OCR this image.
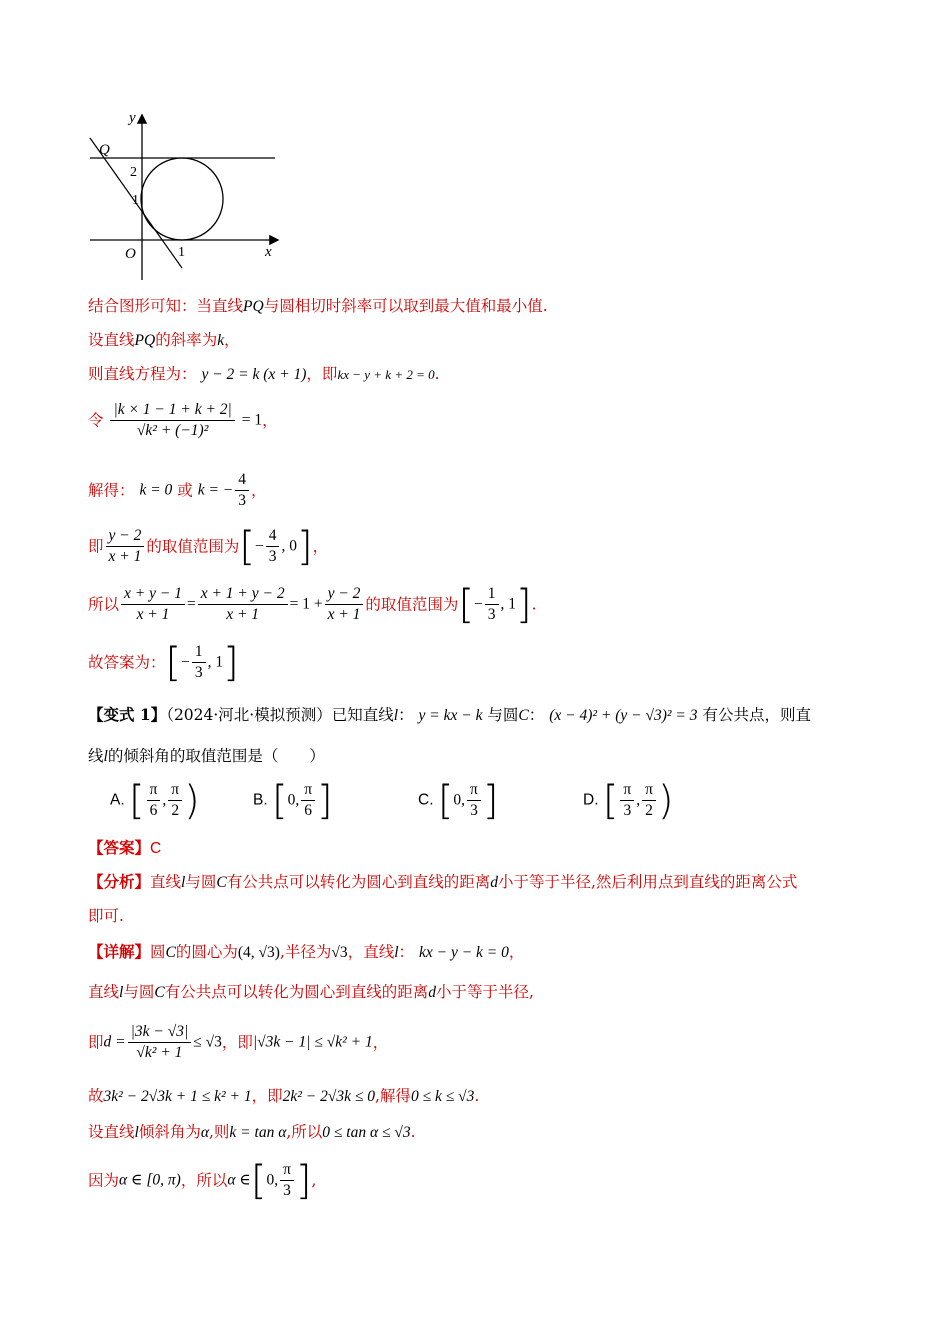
y
x
O
Q
2
1
1
结合图形可知：当直线PQ与圆相切时斜率可以取到最大值和最小值.
设直线PQ的斜率为k，
则直线方程为： y − 2 = k (x + 1)，即kx − y + k + 2 = 0.
令 $\frac{|k \times 1 - 1 + k + 2|}{\text{√k² + (−1)²}} = 1$，
解得： k = 0 或 k = − $\frac{4}{3}$ ，
即 $\frac{y - 2}{x + 1}$ 的取值范围为[− $\frac{4}{3}$ , 0]，
所以 $\frac{x + y - 1}{x + 1} = \frac{x + 1 + y - 2}{x + 1} = 1 + \frac{y - 2}{x + 1}$ 的取值范围为[− $\frac{1}{3}$ , 1].
故答案为：[− $\frac{1}{3}$ , 1]
【变式 1】（2024·河北·模拟预测）已知直线l： y = kx − k 与圆C： (x − 4)² + (y − √3)² = 3 有公共点，则直
线l的倾斜角的取值范围是（　　）
A. [ $\frac{\pi}{6}$ , $\frac{\pi}{2}$ )	B. [0, $\frac{\pi}{6}$ ]	C. [0, $\frac{\pi}{3}$ ]	D. [ $\frac{\pi}{3}$ , $\frac{\pi}{2}$ )
【答案】C
【分析】直线l与圆C有公共点可以转化为圆心到直线的距离d小于等于半径,然后利用点到直线的距离公式
即可.
【详解】圆C的圆心为(4, √3),半径为√3，直线l： kx − y − k = 0，
直线l与圆C有公共点可以转化为圆心到直线的距离d小于等于半径,
即$d = \frac{|3k - √3|}{\text{√k² + 1}} \le √3$，即|√3k − 1| ≤ √k² + 1，
故3k² − 2√3k + 1 ≤ k² + 1，即2k² − 2√3k ≤ 0,解得0 ≤ k ≤ √3.
设直线l倾斜角为α,则k = tan α,所以0 ≤ tan α ≤ √3.
因为α ∈ [0, π)，所以α ∈[0, $\frac{\pi}{3}$ ],
